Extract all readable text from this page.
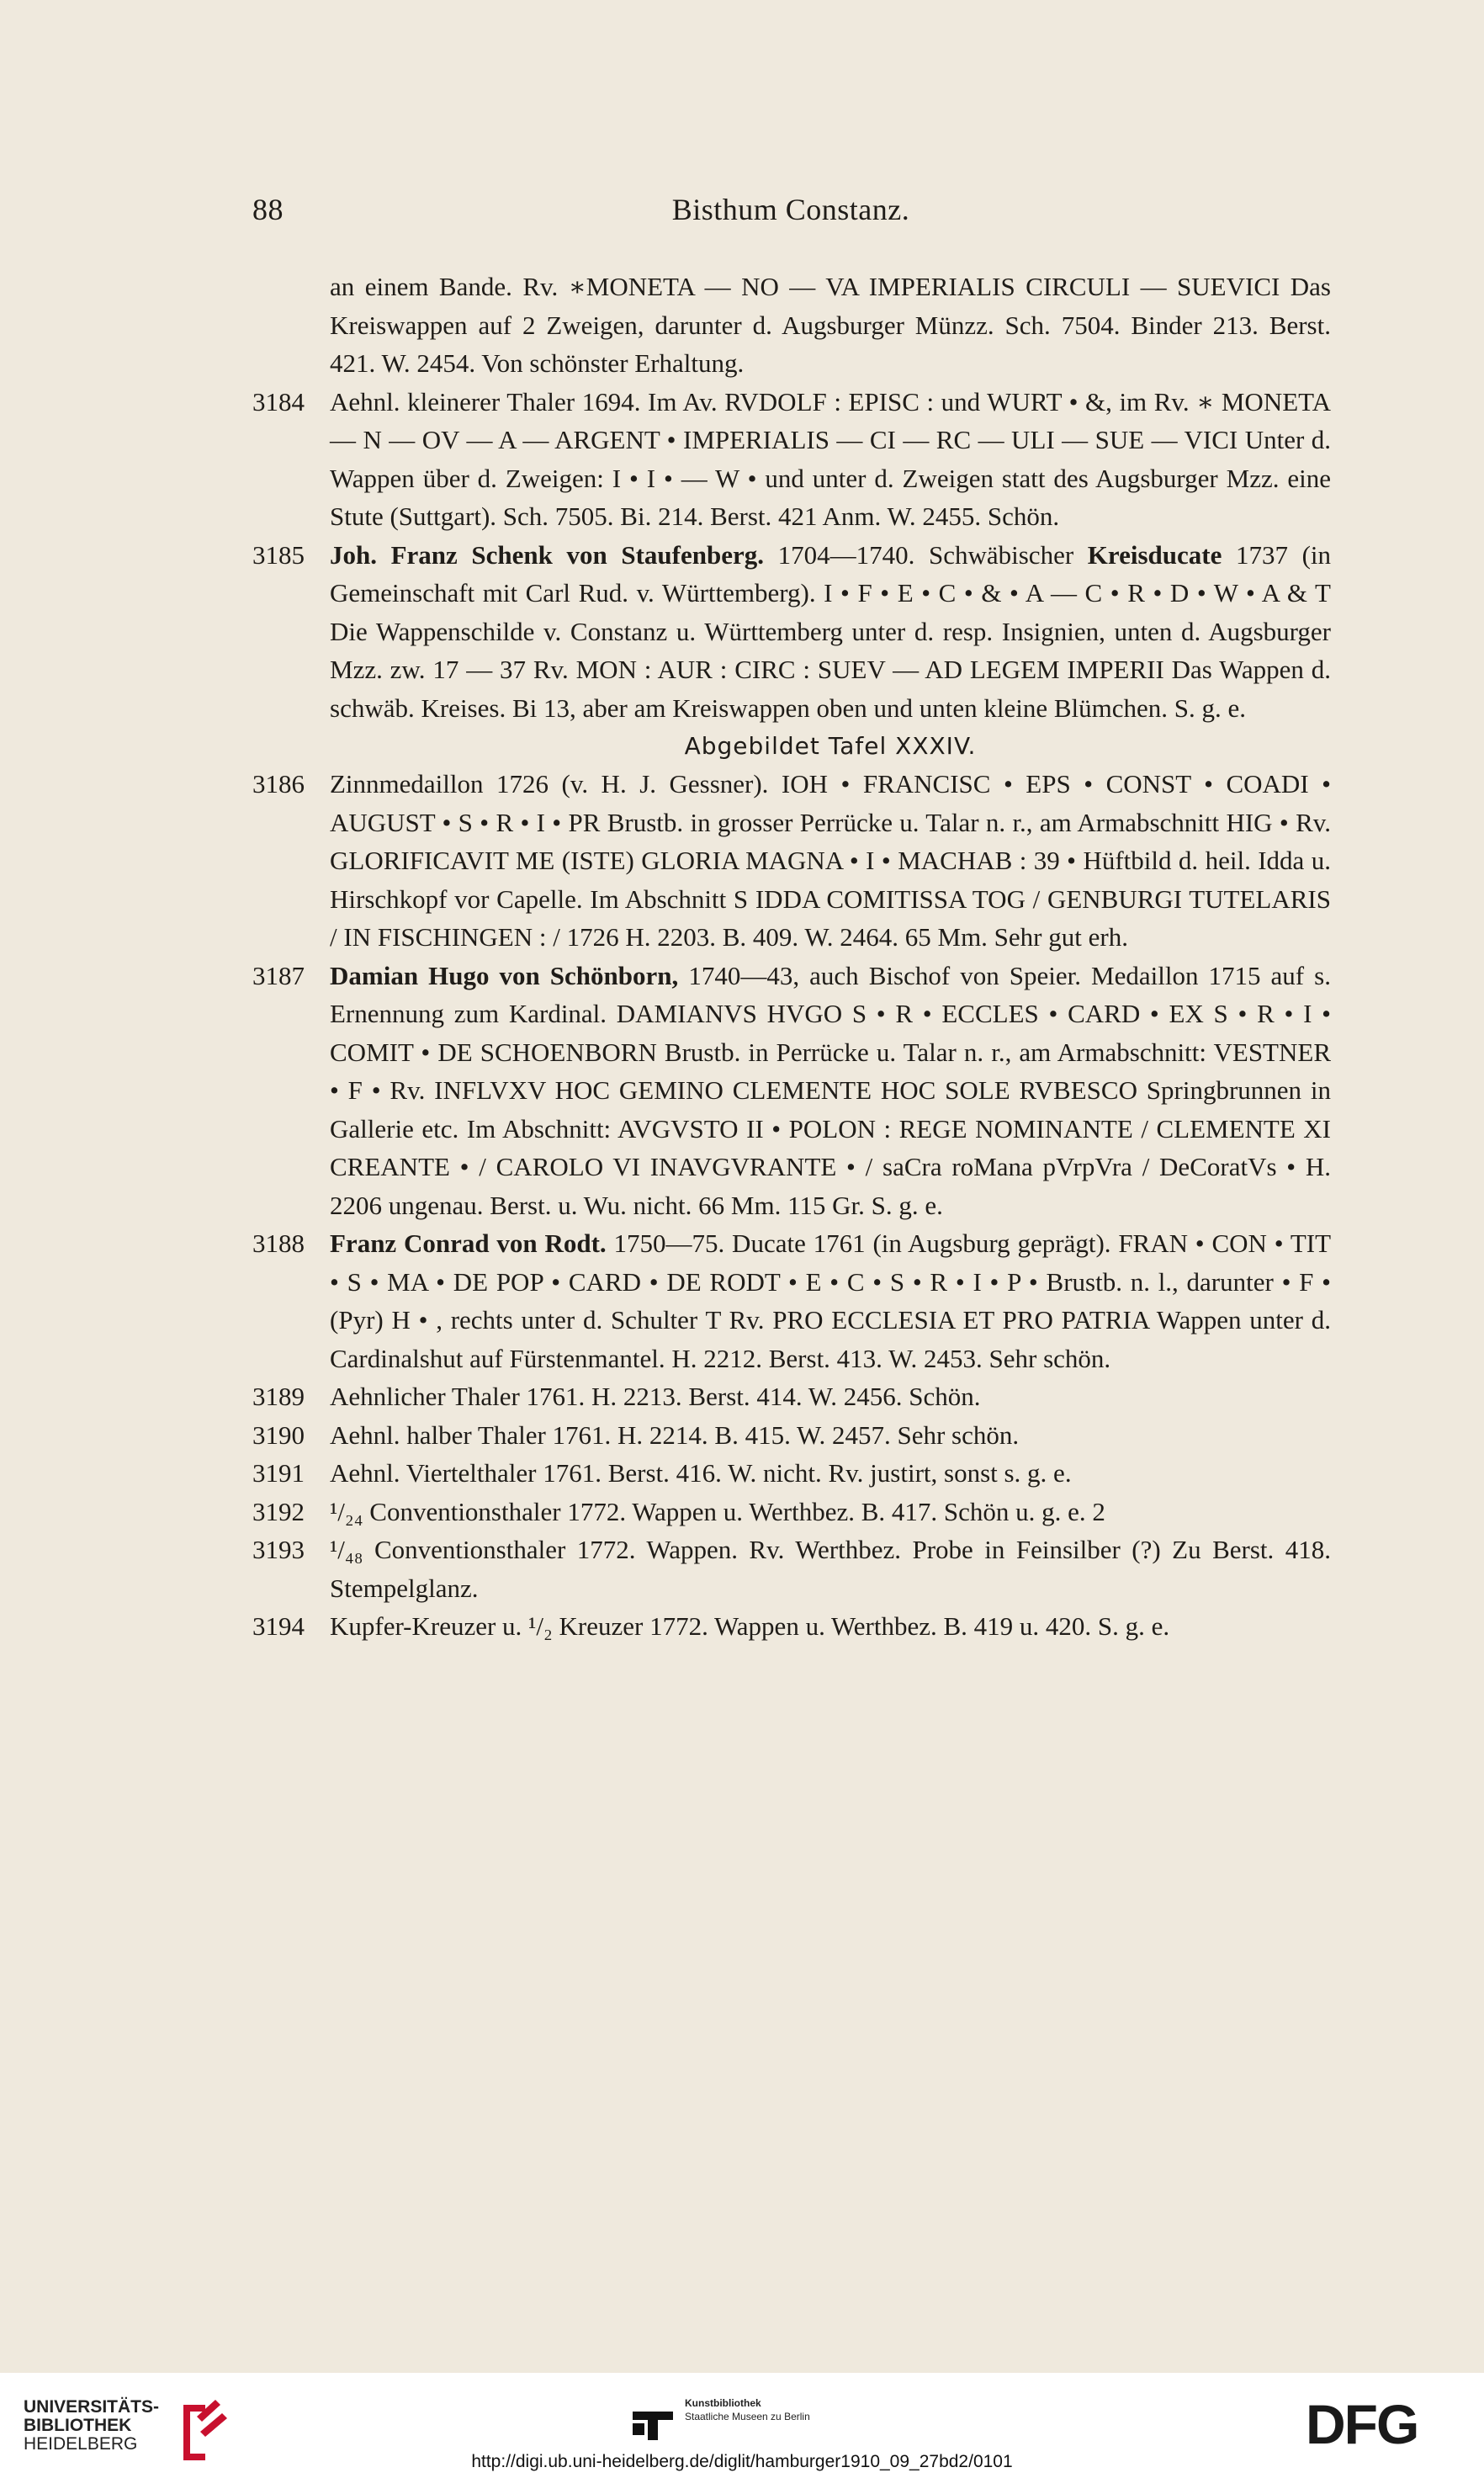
88	Bisthum Constanz.

an einem Bande. Rv. ∗MONETA — NO — VA IMPERIALIS CIRCULI — SUEVICI Das Kreiswappen auf 2 Zweigen, darunter d. Augsburger Münzz. Sch. 7504. Binder 213. Berst. 421. W. 2454. Von schönster Erhaltung.

3184 Aehnl. kleinerer Thaler 1694. Im Av. RVDOLF : EPISC : und WURT • &, im Rv. ∗ MONETA — N — OV — A — ARGENT • IMPERIALIS — CI — RC — ULI — SUE — VICI Unter d. Wappen über d. Zweigen: I • I • — W • und unter d. Zweigen statt des Augsburger Mzz. eine Stute (Suttgart). Sch. 7505. Bi. 214. Berst. 421 Anm. W. 2455. Schön.

3185 Joh. Franz Schenk von Staufenberg. 1704—1740. Schwäbischer Kreisducate 1737 (in Gemeinschaft mit Carl Rud. v. Württemberg). I • F • E • C • & • A — C • R • D • W • A & T Die Wappenschilde v. Constanz u. Württemberg unter d. resp. Insignien, unten d. Augsburger Mzz. zw. 17 — 37 Rv. MON : AUR : CIRC : SUEV — AD LEGEM IMPERII Das Wappen d. schwäb. Kreises. Bi 13, aber am Kreiswappen oben und unten kleine Blümchen. S. g. e.

Abgebildet Tafel XXXIV.
3186 Zinnmedaillon 1726 (v. H. J. Gessner). IOH • FRANCISC • EPS • CONST • COADI • AUGUST • S • R • I • PR Brustb. in grosser Perrücke u. Talar n. r., am Armabschnitt HIG • Rv. GLORIFICAVIT ME (ISTE) GLORIA MAGNA • I • MACHAB : 39 • Hüftbild d. heil. Idda u. Hirschkopf vor Capelle. Im Abschnitt S IDDA COMITISSA TOG / GENBURGI TUTELARIS / IN FISCHINGEN : / 1726 H. 2203. B. 409. W. 2464. 65 Mm. Sehr gut erh.

3187 Damian Hugo von Schönborn, 1740—43, auch Bischof von Speier. Medaillon 1715 auf s. Ernennung zum Kardinal. DAMIANVS HVGO S • R • ECCLES • CARD • EX S • R • I • COMIT • DE SCHOENBORN Brustb. in Perrücke u. Talar n. r., am Armabschnitt: VESTNER • F • Rv. INFLVXV HOC GEMINO CLEMENTE HOC SOLE RVBESCO Springbrunnen in Gallerie etc. Im Abschnitt: AVGVSTO II • POLON : REGE NOMINANTE / CLEMENTE XI CREANTE • / CAROLO VI INAVGVRANTE • / saCra roMana pVrpVra / DeCoratVs • H. 2206 ungenau. Berst. u. Wu. nicht. 66 Mm. 115 Gr. S. g. e.

3188 Franz Conrad von Rodt. 1750—75. Ducate 1761 (in Augsburg geprägt). FRAN • CON • TIT • S • MA • DE POP • CARD • DE RODT • E • C • S • R • I • P • Brustb. n. l., darunter • F • (Pyr) H • , rechts unter d. Schulter T Rv. PRO ECCLESIA ET PRO PATRIA Wappen unter d. Cardinalshut auf Fürstenmantel. H. 2212. Berst. 413. W. 2453. Sehr schön.

3189 Aehnlicher Thaler 1761. H. 2213. Berst. 414. W. 2456. Schön.

3190 Aehnl. halber Thaler 1761. H. 2214. B. 415. W. 2457. Sehr schön.

3191 Aehnl. Viertelthaler 1761. Berst. 416. W. nicht. Rv. justirt, sonst s. g. e.

3192 ¹/₂₄ Conventionsthaler 1772. Wappen u. Werthbez. B. 417. Schön u. g. e. 2

3193 ¹/₄₈ Conventionsthaler 1772. Wappen. Rv. Werthbez. Probe in Feinsilber (?) Zu Berst. 418. Stempelglanz.

3194 Kupfer-Kreuzer u. ¹/₂ Kreuzer 1772. Wappen u. Werthbez. B. 419 u. 420. S. g. e.

UNIVERSITÄTS-
BIBLIOTHEK
HEIDELBERG
Kunstbibliothek
Staatliche Museen zu Berlin	DFG
http://digi.ub.uni-heidelberg.de/diglit/hamburger1910_09_27bd2/0101
